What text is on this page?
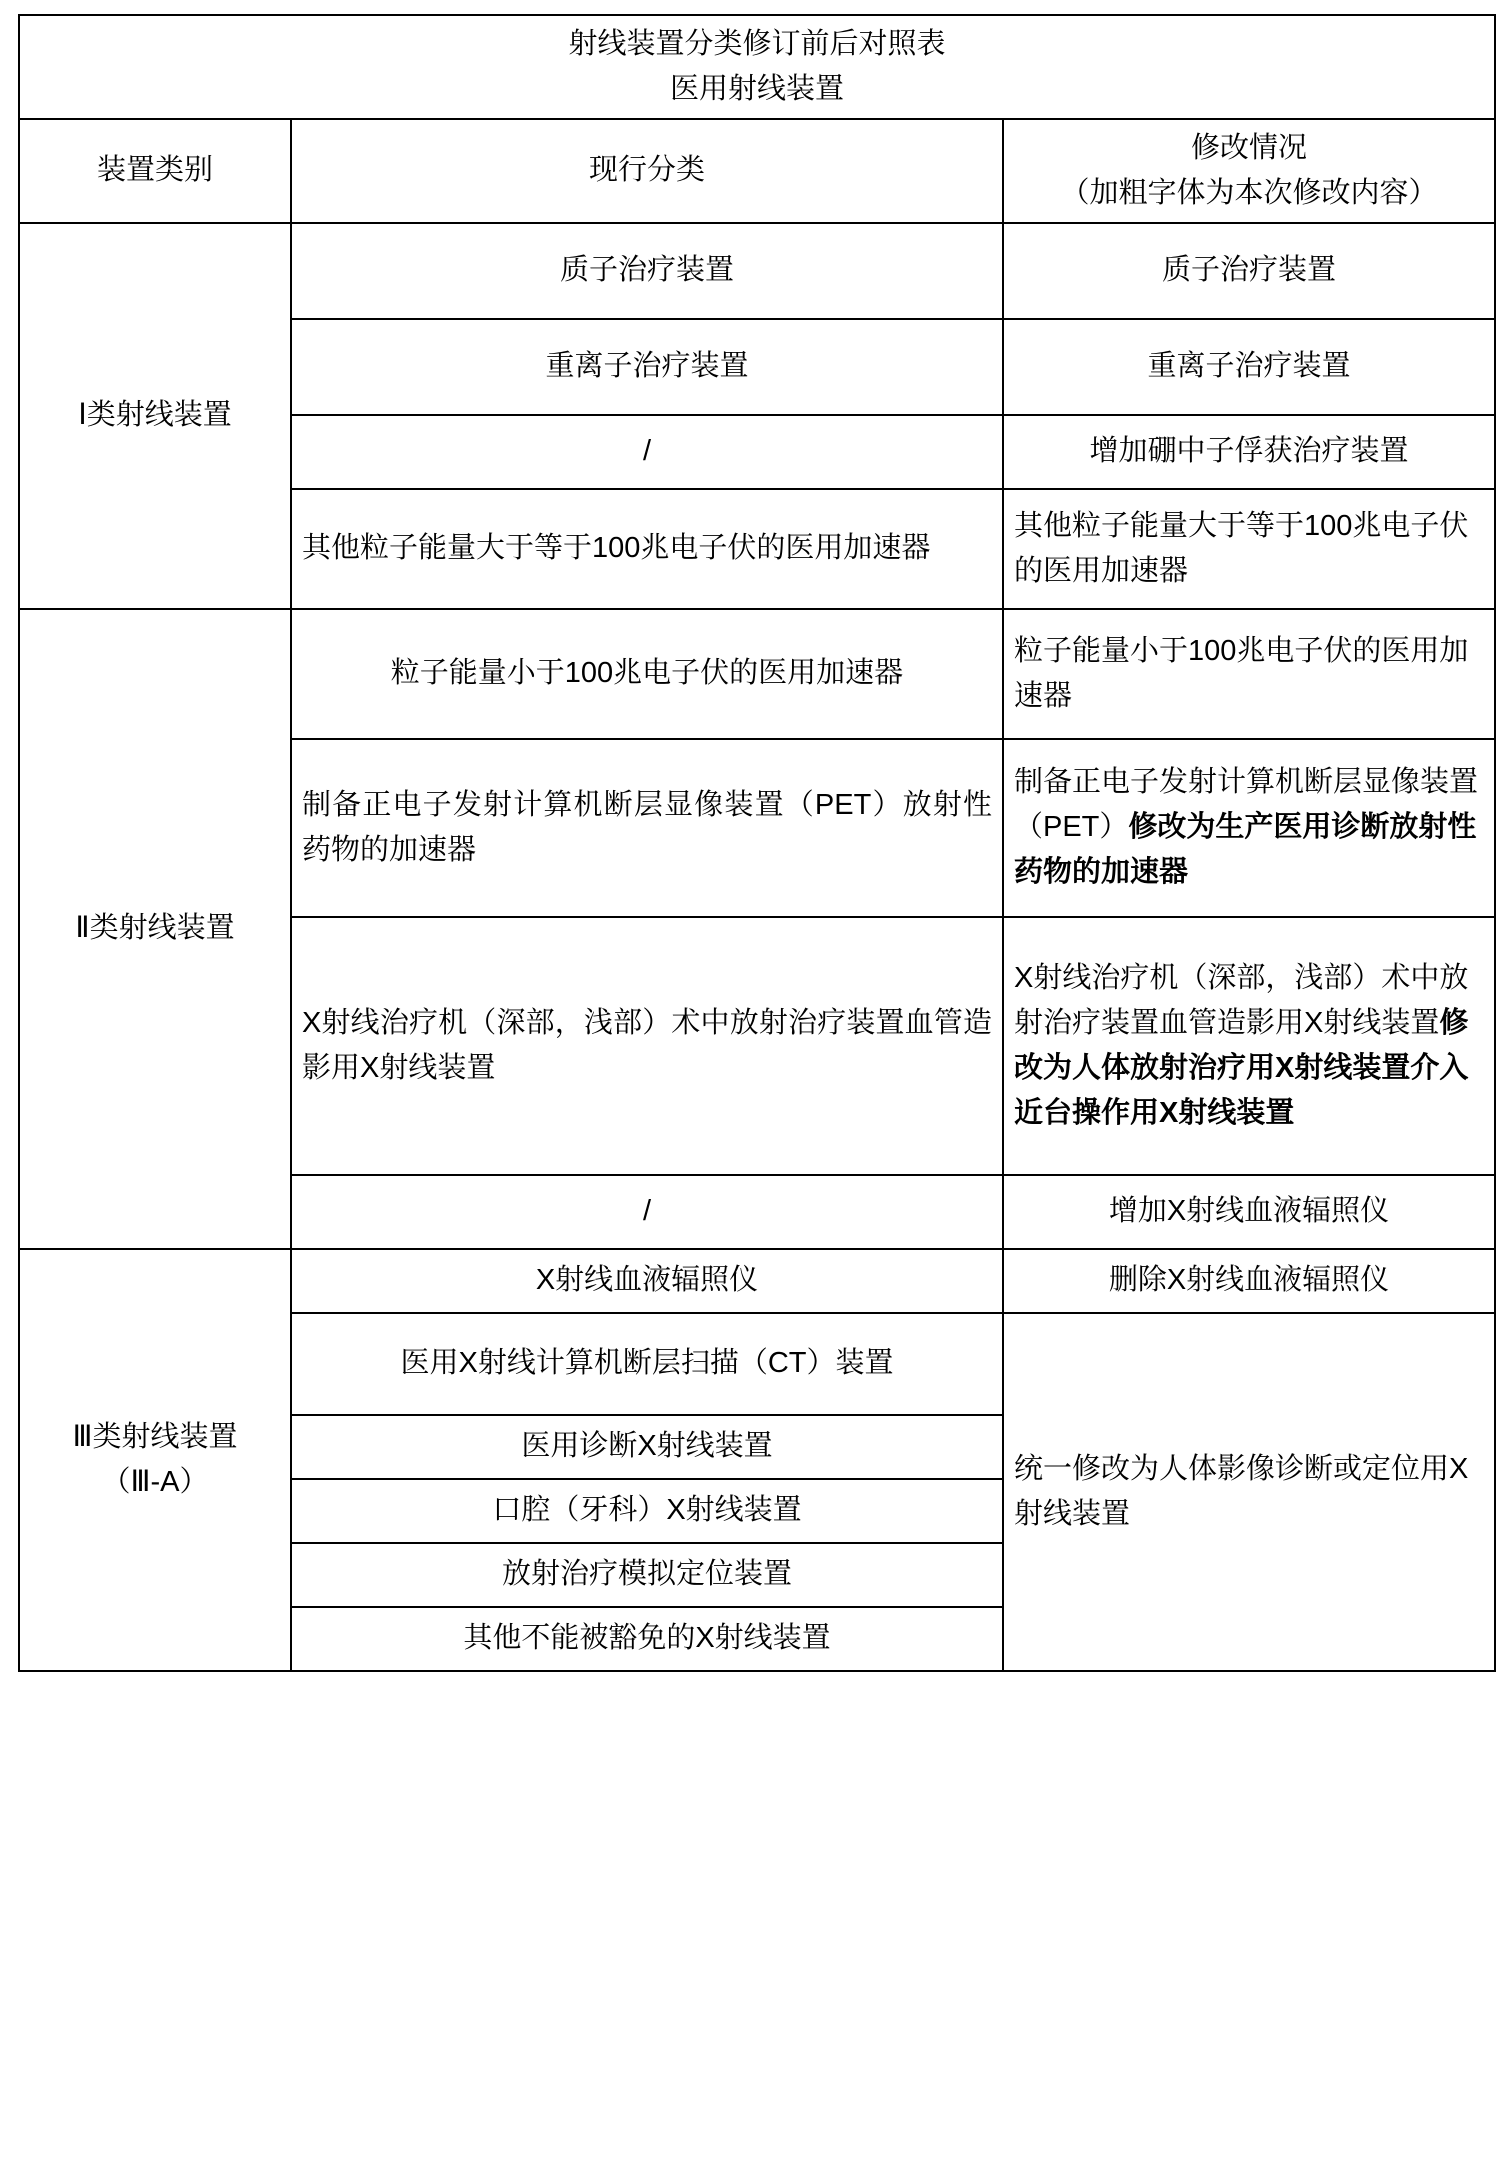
射线装置分类修订前后对照表
医用射线装置		

装置类别	现行分类	修改情况
（加粗字体为本次修改内容）

Ⅰ类射线装置	质子治疗装置	质子治疗装置
	重离子治疗装置	重离子治疗装置
	/	增加硼中子俘获治疗装置
	其他粒子能量大于等于100兆电子伏的医用加速器	其他粒子能量大于等于100兆电子伏的医用加速器

Ⅱ类射线装置	粒子能量小于100兆电子伏的医用加速器	粒子能量小于100兆电子伏的医用加速器
	制备正电子发射计算机断层显像装置（PET）放射性药物的加速器	制备正电子发射计算机断层显像装置（PET）修改为生产医用诊断放射性药物的加速器
	X射线治疗机（深部，浅部）术中放射治疗装置血管造影用X射线装置	X射线治疗机（深部，浅部）术中放射治疗装置血管造影用X射线装置修改为人体放射治疗用X射线装置介入近台操作用X射线装置
	/	增加X射线血液辐照仪

Ⅲ类射线装置
（Ⅲ-A）	X射线血液辐照仪	删除X射线血液辐照仪
	医用X射线计算机断层扫描（CT）装置	统一修改为人体影像诊断或定位用X射线装置
	医用诊断X射线装置	
	口腔（牙科）X射线装置	
	放射治疗模拟定位装置	
	其他不能被豁免的X射线装置	
